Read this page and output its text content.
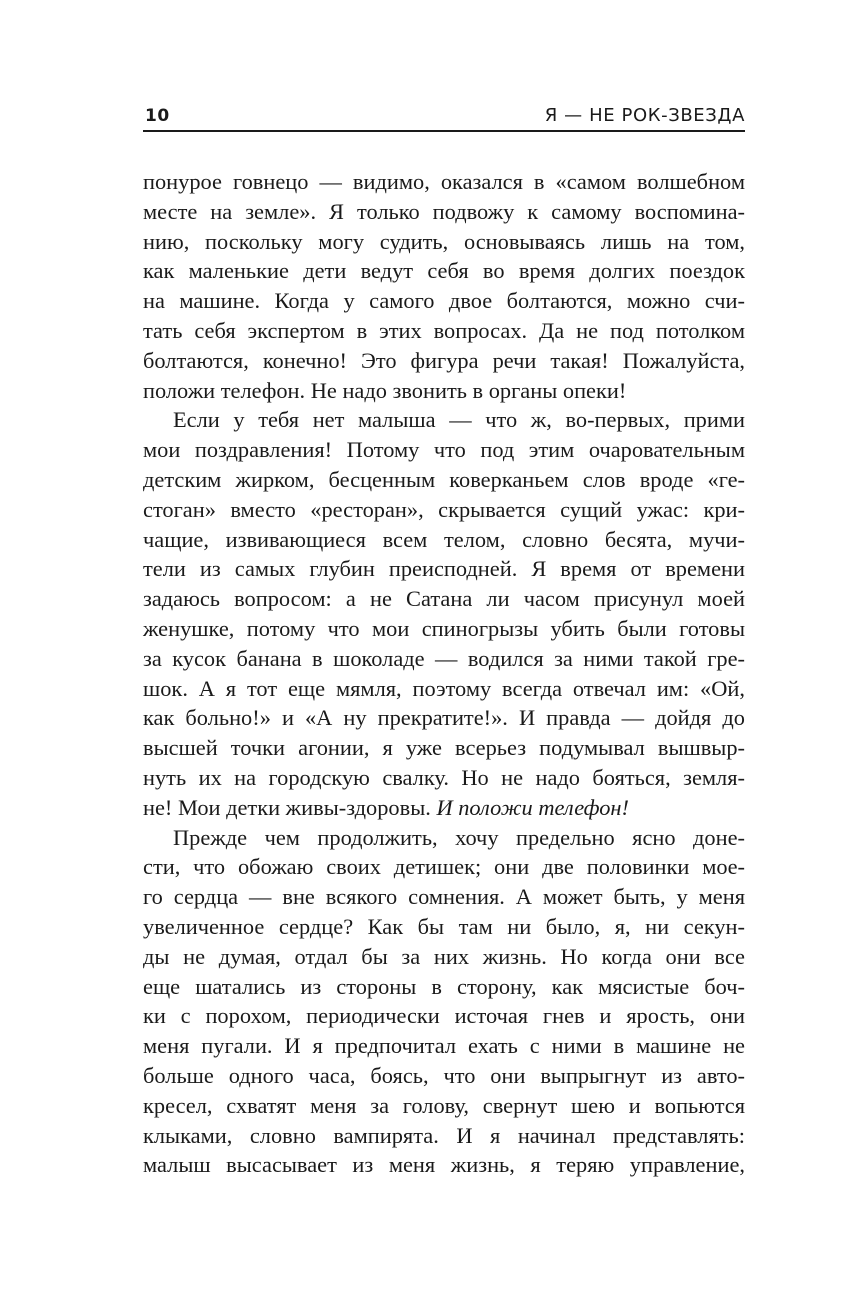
10	Я — НЕ РОК-ЗВЕЗДА

понурое говнецо — видимо, оказался в «самом волшебном

месте на земле». Я только подвожу к самому воспомина-

нию, поскольку могу судить, основываясь лишь на том,

как маленькие дети ведут себя во время долгих поездок

на машине. Когда у самого двое болтаются, можно счи-

тать себя экспертом в этих вопросах. Да не под потолком

болтаются, конечно! Это фигура речи такая! Пожалуйста,

положи телефон. Не надо звонить в органы опеки!

Если у тебя нет малыша — что ж, во-первых, прими

мои поздравления! Потому что под этим очаровательным

детским жирком, бесценным коверканьем слов вроде «ге-

стоган» вместо «ресторан», скрывается сущий ужас: кри-

чащие, извивающиеся всем телом, словно бесята, мучи-

тели из самых глубин преисподней. Я время от времени

задаюсь вопросом: а не Сатана ли часом присунул моей

женушке, потому что мои спиногрызы убить были готовы

за кусок банана в шоколаде — водился за ними такой гре-

шок. А я тот еще мямля, поэтому всегда отвечал им: «Ой,

как больно!» и «А ну прекратите!». И правда — дойдя до

высшей точки агонии, я уже всерьез подумывал вышвыр-

нуть их на городскую свалку. Но не надо бояться, земля-

не! Мои детки живы-здоровы. И положи телефон!

Прежде чем продолжить, хочу предельно ясно донe-

сти, что обожаю своих детишек; они две половинки моe-

го сердца — вне всякого сомнения. А может быть, у меня

увеличенное сердце? Как бы там ни было, я, ни секун-

ды не думая, отдал бы за них жизнь. Но когда они все

еще шатались из стороны в сторону, как мясистые боч-

ки с порохом, периодически источая гнев и ярость, они

меня пугали. И я предпочитал ехать с ними в машине не

больше одного часа, боясь, что они выпрыгнут из авто-

кресел, схватят меня за голову, свернут шею и вопьются

клыками, словно вампирята. И я начинал представлять:

малыш высасывает из меня жизнь, я теряю управление,
